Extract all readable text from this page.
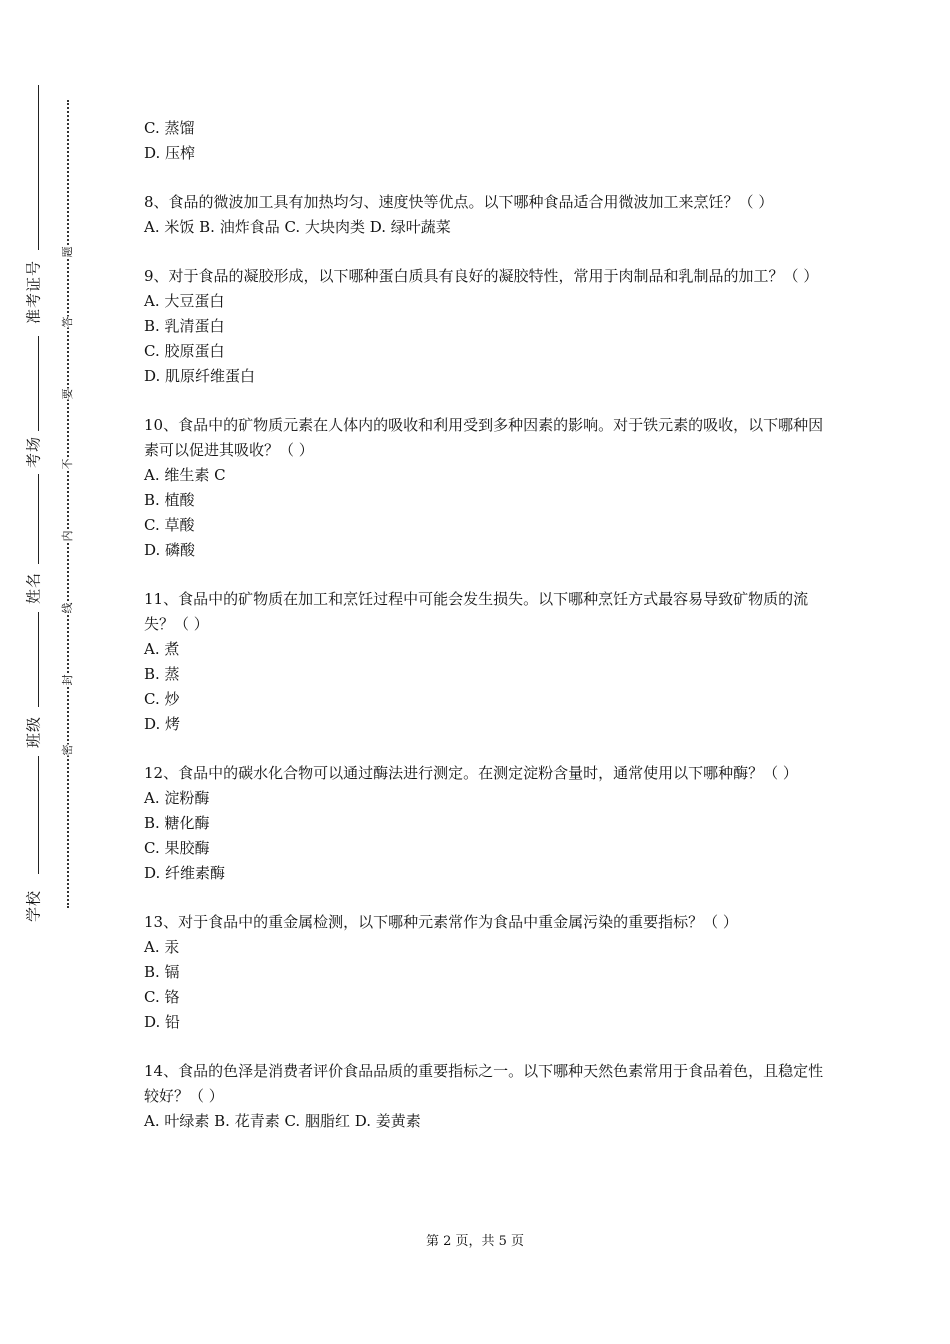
准考证号
考场
姓名
班级
学校
题
答
要
不
内
线
封
密

C. 蒸馏

D. 压榨

8、食品的微波加工具有加热均匀、速度快等优点。以下哪种食品适合用微波加工来烹饪？（ ）

A. 米饭 B. 油炸食品 C. 大块肉类 D. 绿叶蔬菜

9、对于食品的凝胶形成，以下哪种蛋白质具有良好的凝胶特性，常用于肉制品和乳制品的加工？（ ）

A. 大豆蛋白

B. 乳清蛋白

C. 胶原蛋白

D. 肌原纤维蛋白

10、食品中的矿物质元素在人体内的吸收和利用受到多种因素的影响。对于铁元素的吸收，以下哪种因素可以促进其吸收？（ ）

A. 维生素 C

B. 植酸

C. 草酸

D. 磷酸

11、食品中的矿物质在加工和烹饪过程中可能会发生损失。以下哪种烹饪方式最容易导致矿物质的流失？（ ）

A. 煮

B. 蒸

C. 炒

D. 烤

12、食品中的碳水化合物可以通过酶法进行测定。在测定淀粉含量时，通常使用以下哪种酶？（ ）

A. 淀粉酶

B. 糖化酶

C. 果胶酶

D. 纤维素酶

13、对于食品中的重金属检测，以下哪种元素常作为食品中重金属污染的重要指标？（ ）

A. 汞

B. 镉

C. 铬

D. 铅

14、食品的色泽是消费者评价食品品质的重要指标之一。以下哪种天然色素常用于食品着色，且稳定性较好？（ ）

A. 叶绿素 B. 花青素 C. 胭脂红 D. 姜黄素

第 2 页，共 5 页
